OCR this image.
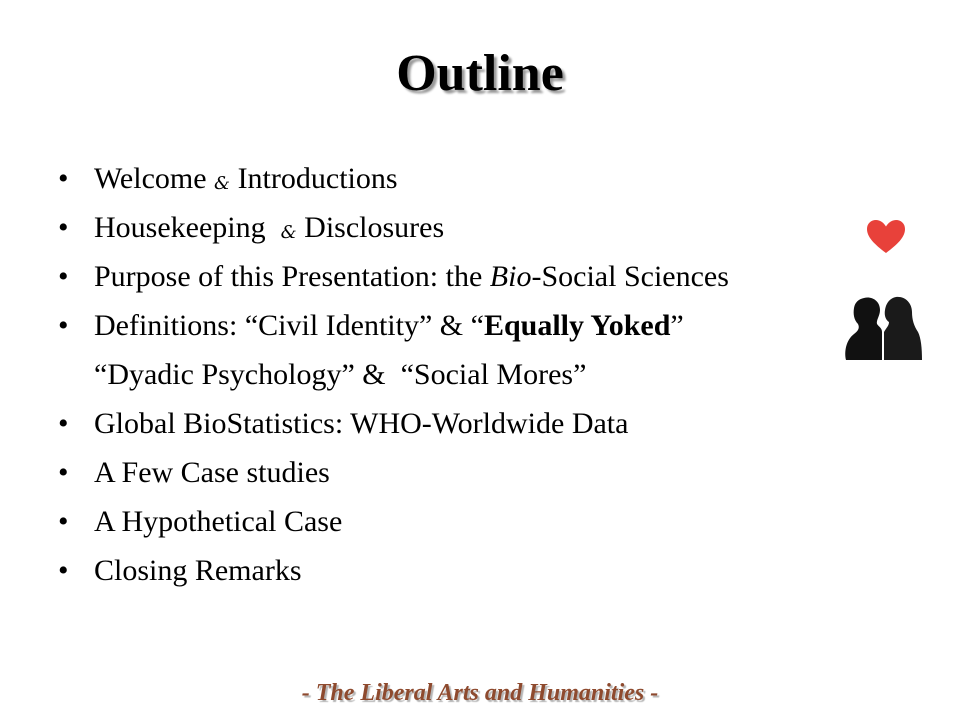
Outline
• Welcome & Introductions
• Housekeeping  & Disclosures
• Purpose of this Presentation: the Bio-Social Sciences
• Definitions: “Civil Identity” & “Equally Yoked”
“Dyadic Psychology” &  “Social Mores”
• Global BioStatistics: WHO-Worldwide Data
• A Few Case studies
• A Hypothetical Case
• Closing Remarks
- The Liberal Arts and Humanities -
